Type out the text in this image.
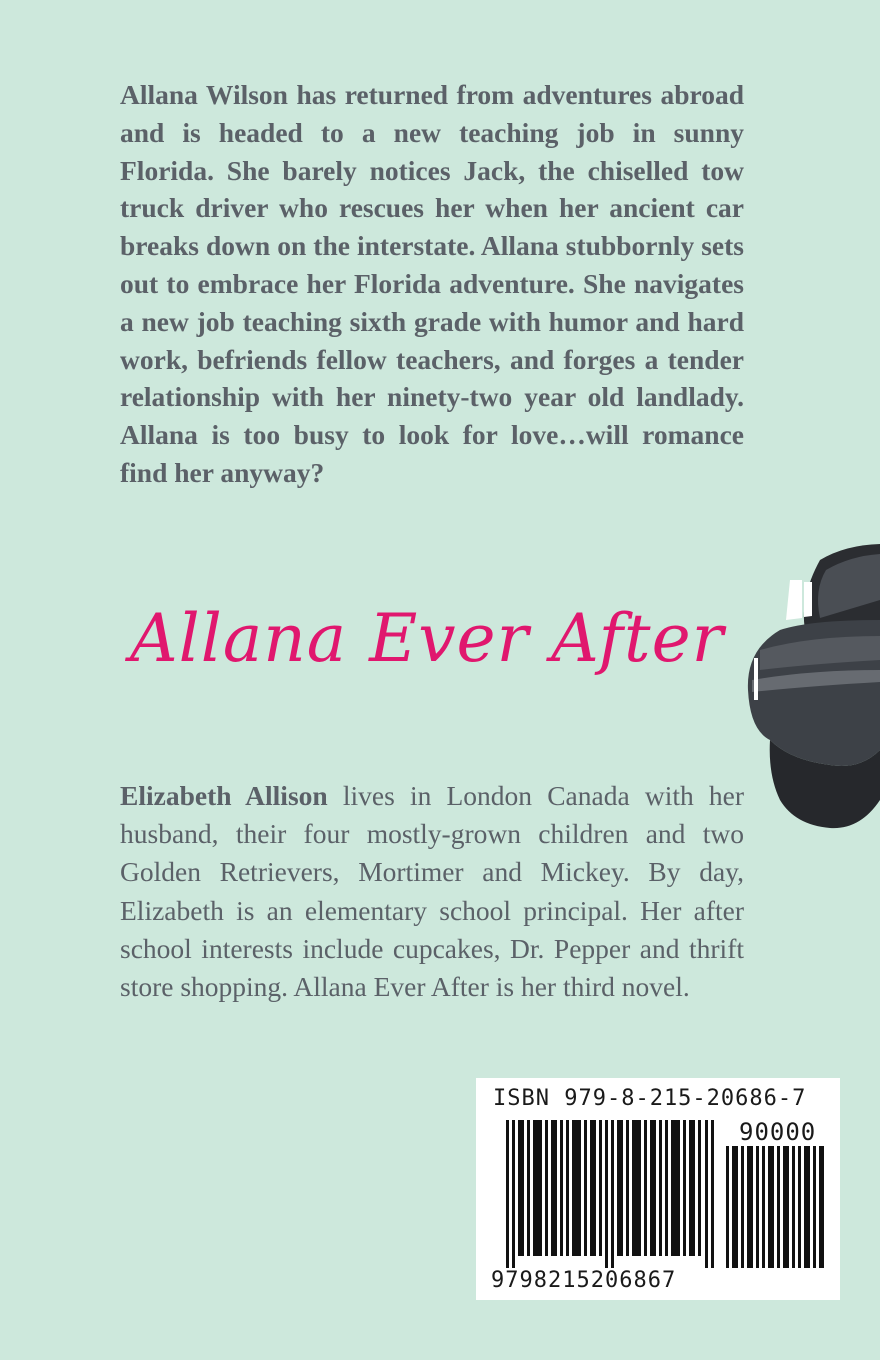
Allana Wilson has returned from adventures abroad and is headed to a new teaching job in sunny Florida. She barely notices Jack, the chiselled tow truck driver who rescues her when her ancient car breaks down on the interstate. Allana stubbornly sets out to embrace her Florida adventure. She navigates a new job teaching sixth grade with humor and hard work, befriends fellow teachers, and forges a tender relationship with her ninety-two year old landlady. Allana is too busy to look for love…will romance find her anyway?

Allana Ever After

Elizabeth Allison lives in London Canada with her husband, their four mostly-grown children and two Golden Retrievers, Mortimer and Mickey. By day, Elizabeth is an elementary school principal. Her after school interests include cupcakes, Dr. Pepper and thrift store shopping. Allana Ever After is her third novel.

ISBN 979-8-215-20686-7
90000
9798215206867
